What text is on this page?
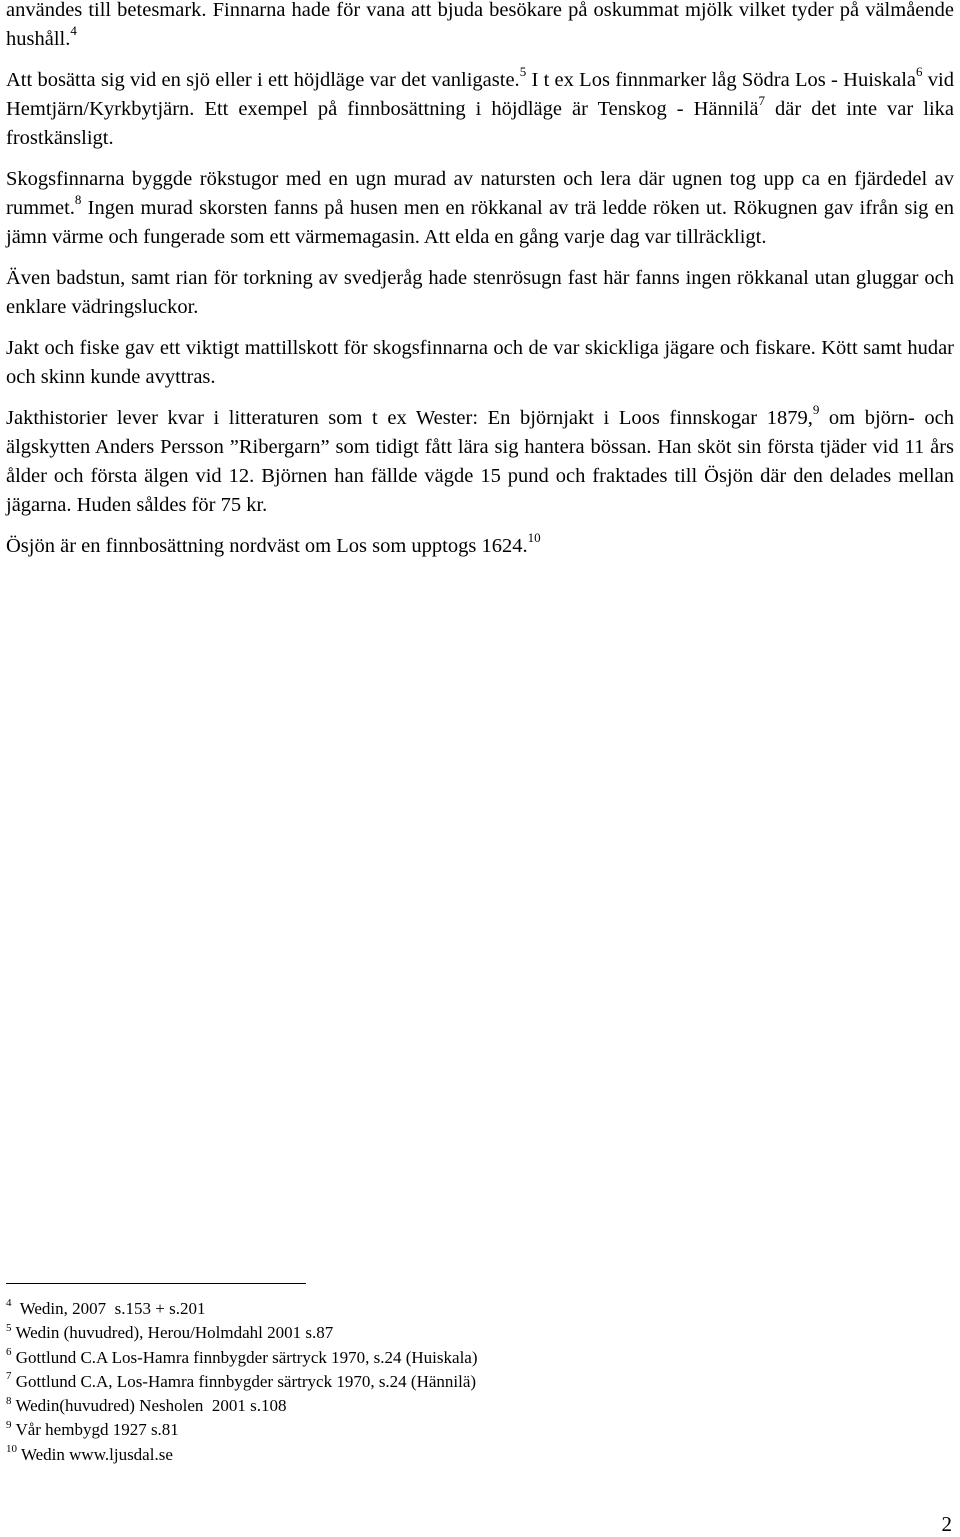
användes till betesmark. Finnarna hade för vana att bjuda besökare på oskummat mjölk vilket tyder på välmående hushåll.$^4$

Att bosätta sig vid en sjö eller i ett höjdläge var det vanligaste.$^5$ I t ex Los finnmarker låg Södra Los - Huiskala$^6$ vid Hemtjärn/Kyrkbytjärn. Ett exempel på finnbosättning i höjdläge är Tenskog - Hännilä$^7$ där det inte var lika frostkänsligt.

Skogsfinnarna byggde rökstugor med en ugn murad av natursten och lera där ugnen tog upp ca en fjärdedel av rummet.$^8$ Ingen murad skorsten fanns på husen men en rökkanal av trä ledde röken ut. Rökugnen gav ifrån sig en jämn värme och fungerade som ett värmemagasin. Att elda en gång varje dag var tillräckligt.

Även badstun, samt rian för torkning av svedjeråg hade stenrösugn fast här fanns ingen rökkanal utan gluggar och enklare vädringsluckor.

Jakt och fiske gav ett viktigt mattillskott för skogsfinnarna och de var skickliga jägare och fiskare. Kött samt hudar och skinn kunde avyttras.

Jakthistorier lever kvar i litteraturen som t ex Wester: En björnjakt i Loos finnskogar 1879,$^9$ om björn- och älgskytten Anders Persson ”Ribergarn” som tidigt fått lära sig hantera bössan. Han sköt sin första tjäder vid 11 års ålder och första älgen vid 12. Björnen han fällde vägde 15 pund och fraktades till Ösjön där den delades mellan jägarna. Huden såldes för 75 kr.

Ösjön är en finnbosättning nordväst om Los som upptogs 1624.10

$^4$  Wedin, 2007  s.153 + s.201
$^5$ Wedin (huvudred), Herou/Holmdahl 2001 s.87
$^6$ Gottlund C.A Los-Hamra finnbygder särtryck 1970, s.24 (Huiskala)
$^7$ Gottlund C.A, Los-Hamra finnbygder särtryck 1970, s.24 (Hännilä)
$^8$ Wedin(huvudred) Nesholen  2001 s.108
$^9$ Vår hembygd 1927 s.81
$^{10}$ Wedin www.ljusdal.se
2
